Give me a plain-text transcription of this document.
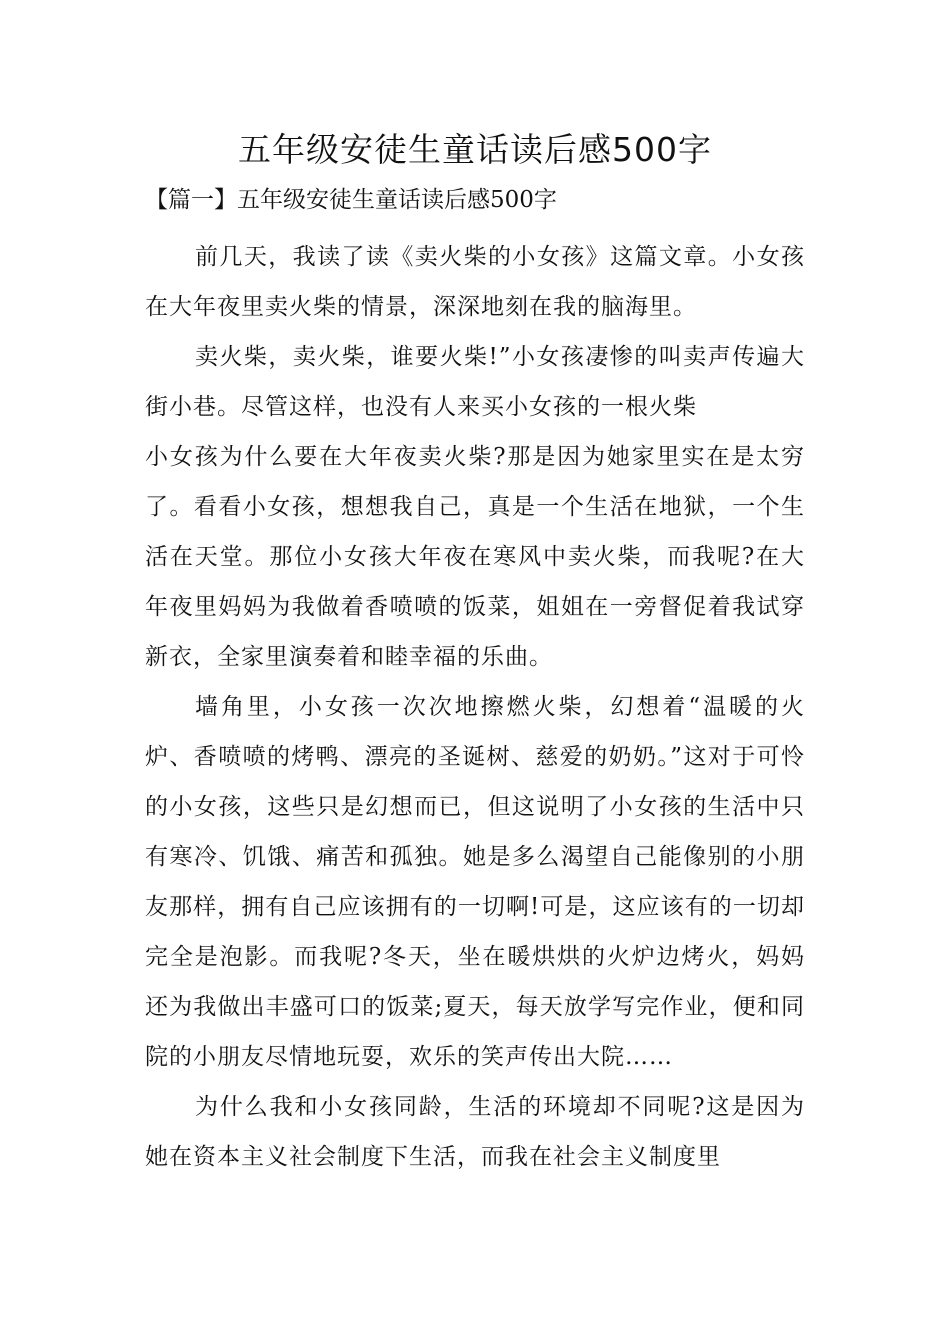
五年级安徒生童话读后感500字

【篇一】五年级安徒生童话读后感500字

前几天，我读了读《卖火柴的小女孩》这篇文章。小女孩在大年夜里卖火柴的情景，深深地刻在我的脑海里。

卖火柴，卖火柴，谁要火柴!”小女孩凄惨的叫卖声传遍大街小巷。尽管这样，也没有人来买小女孩的一根火柴

小女孩为什么要在大年夜卖火柴?那是因为她家里实在是太穷了。看看小女孩，想想我自己，真是一个生活在地狱，一个生活在天堂。那位小女孩大年夜在寒风中卖火柴，而我呢?在大年夜里妈妈为我做着香喷喷的饭菜，姐姐在一旁督促着我试穿新衣，全家里演奏着和睦幸福的乐曲。

墙角里，小女孩一次次地擦燃火柴，幻想着“温暖的火炉、香喷喷的烤鸭、漂亮的圣诞树、慈爱的奶奶。”这对于可怜的小女孩，这些只是幻想而已，但这说明了小女孩的生活中只有寒冷、饥饿、痛苦和孤独。她是多么渴望自己能像别的小朋友那样，拥有自己应该拥有的一切啊!可是，这应该有的一切却完全是泡影。而我呢?冬天，坐在暖烘烘的火炉边烤火，妈妈还为我做出丰盛可口的饭菜;夏天，每天放学写完作业，便和同院的小朋友尽情地玩耍，欢乐的笑声传出大院……

为什么我和小女孩同龄，生活的环境却不同呢?这是因为她在资本主义社会制度下生活，而我在社会主义制度里
